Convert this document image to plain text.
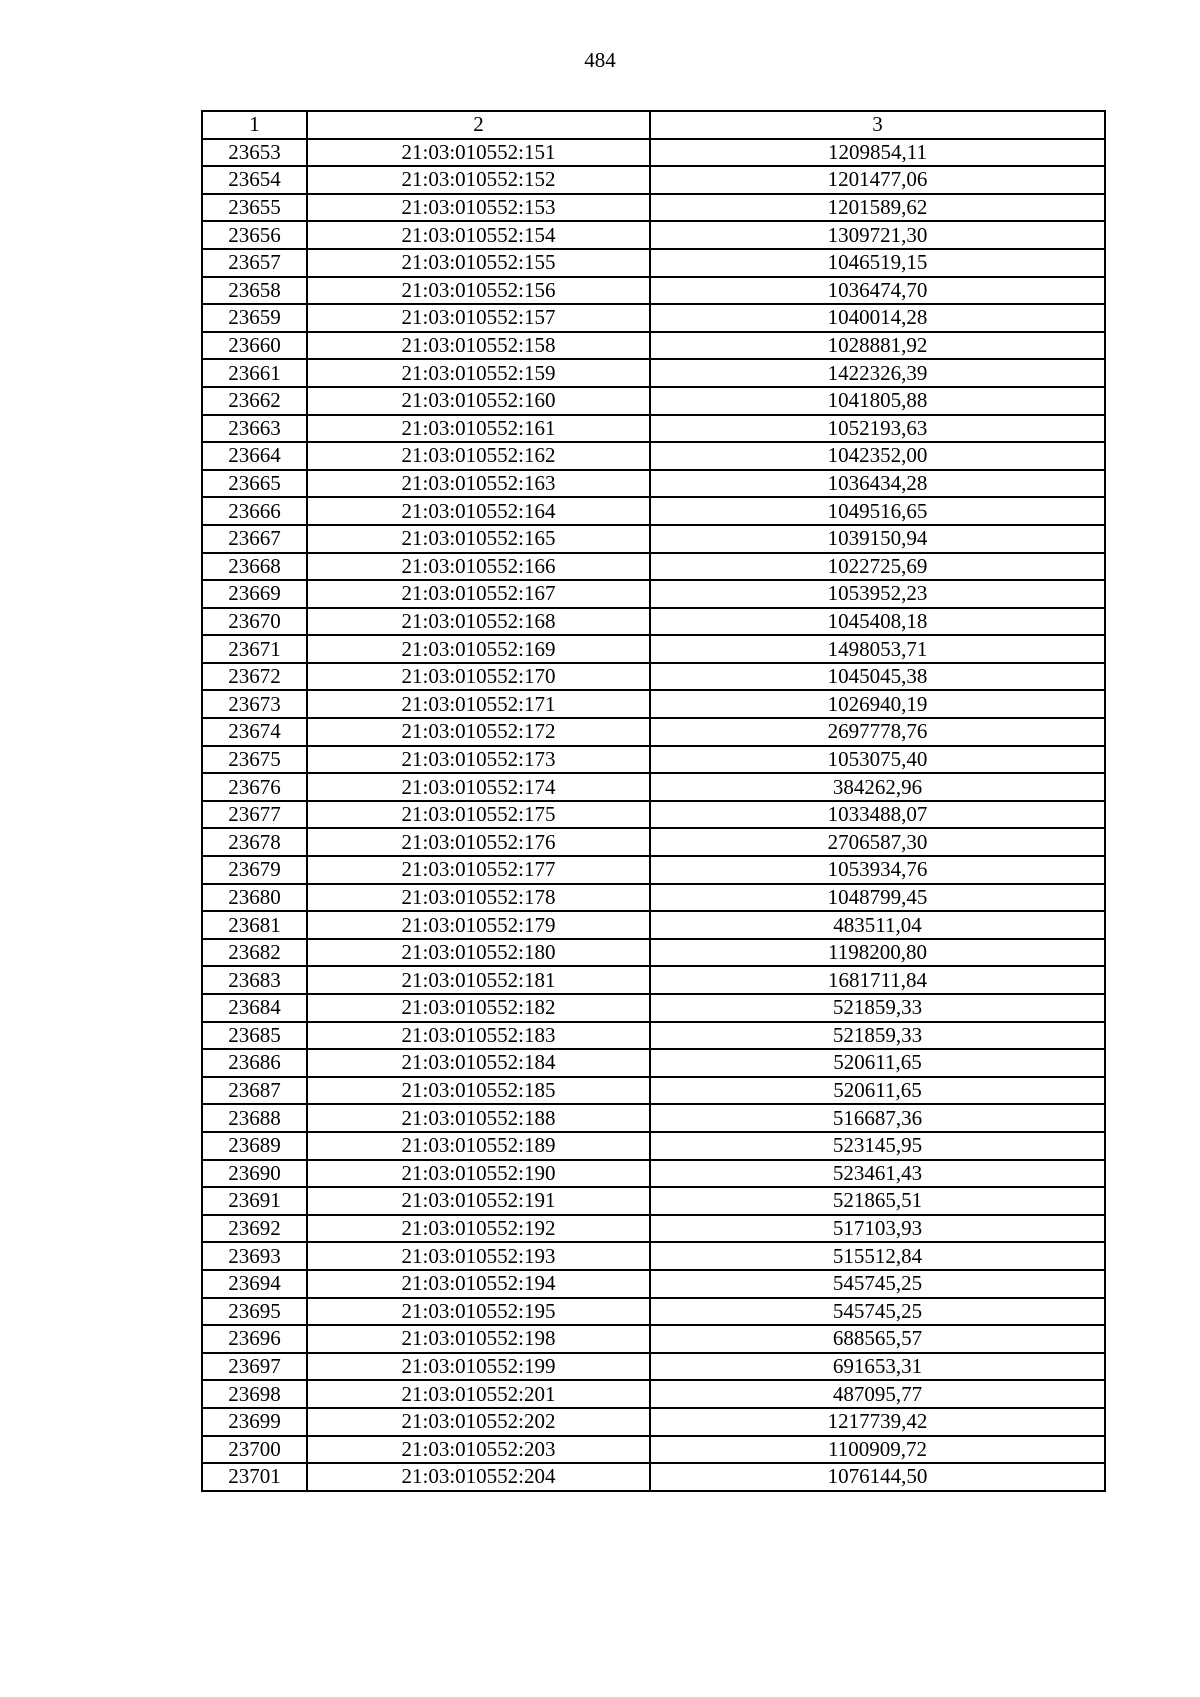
484
1	2	3
23653	21:03:010552:151	1209854,11
23654	21:03:010552:152	1201477,06
23655	21:03:010552:153	1201589,62
23656	21:03:010552:154	1309721,30
23657	21:03:010552:155	1046519,15
23658	21:03:010552:156	1036474,70
23659	21:03:010552:157	1040014,28
23660	21:03:010552:158	1028881,92
23661	21:03:010552:159	1422326,39
23662	21:03:010552:160	1041805,88
23663	21:03:010552:161	1052193,63
23664	21:03:010552:162	1042352,00
23665	21:03:010552:163	1036434,28
23666	21:03:010552:164	1049516,65
23667	21:03:010552:165	1039150,94
23668	21:03:010552:166	1022725,69
23669	21:03:010552:167	1053952,23
23670	21:03:010552:168	1045408,18
23671	21:03:010552:169	1498053,71
23672	21:03:010552:170	1045045,38
23673	21:03:010552:171	1026940,19
23674	21:03:010552:172	2697778,76
23675	21:03:010552:173	1053075,40
23676	21:03:010552:174	384262,96
23677	21:03:010552:175	1033488,07
23678	21:03:010552:176	2706587,30
23679	21:03:010552:177	1053934,76
23680	21:03:010552:178	1048799,45
23681	21:03:010552:179	483511,04
23682	21:03:010552:180	1198200,80
23683	21:03:010552:181	1681711,84
23684	21:03:010552:182	521859,33
23685	21:03:010552:183	521859,33
23686	21:03:010552:184	520611,65
23687	21:03:010552:185	520611,65
23688	21:03:010552:188	516687,36
23689	21:03:010552:189	523145,95
23690	21:03:010552:190	523461,43
23691	21:03:010552:191	521865,51
23692	21:03:010552:192	517103,93
23693	21:03:010552:193	515512,84
23694	21:03:010552:194	545745,25
23695	21:03:010552:195	545745,25
23696	21:03:010552:198	688565,57
23697	21:03:010552:199	691653,31
23698	21:03:010552:201	487095,77
23699	21:03:010552:202	1217739,42
23700	21:03:010552:203	1100909,72
23701	21:03:010552:204	1076144,50
